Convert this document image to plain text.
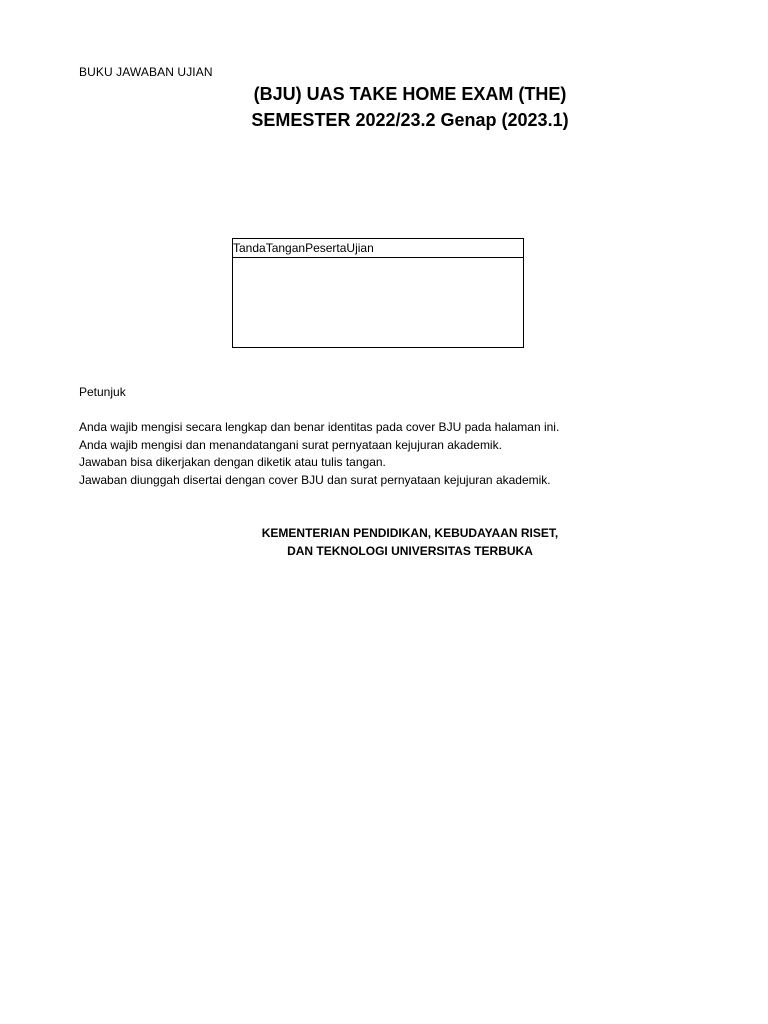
BUKU JAWABAN UJIAN
(BJU) UAS TAKE HOME EXAM (THE)
SEMESTER 2022/23.2 Genap (2023.1)
TandaTanganPesertaUjian
Petunjuk
Anda wajib mengisi secara lengkap dan benar identitas pada cover BJU pada halaman ini.
Anda wajib mengisi dan menandatangani surat pernyataan kejujuran akademik.
Jawaban bisa dikerjakan dengan diketik atau tulis tangan.
Jawaban diunggah disertai dengan cover BJU dan surat pernyataan kejujuran akademik.
KEMENTERIAN PENDIDIKAN, KEBUDAYAAN RISET,
DAN TEKNOLOGI UNIVERSITAS TERBUKA
